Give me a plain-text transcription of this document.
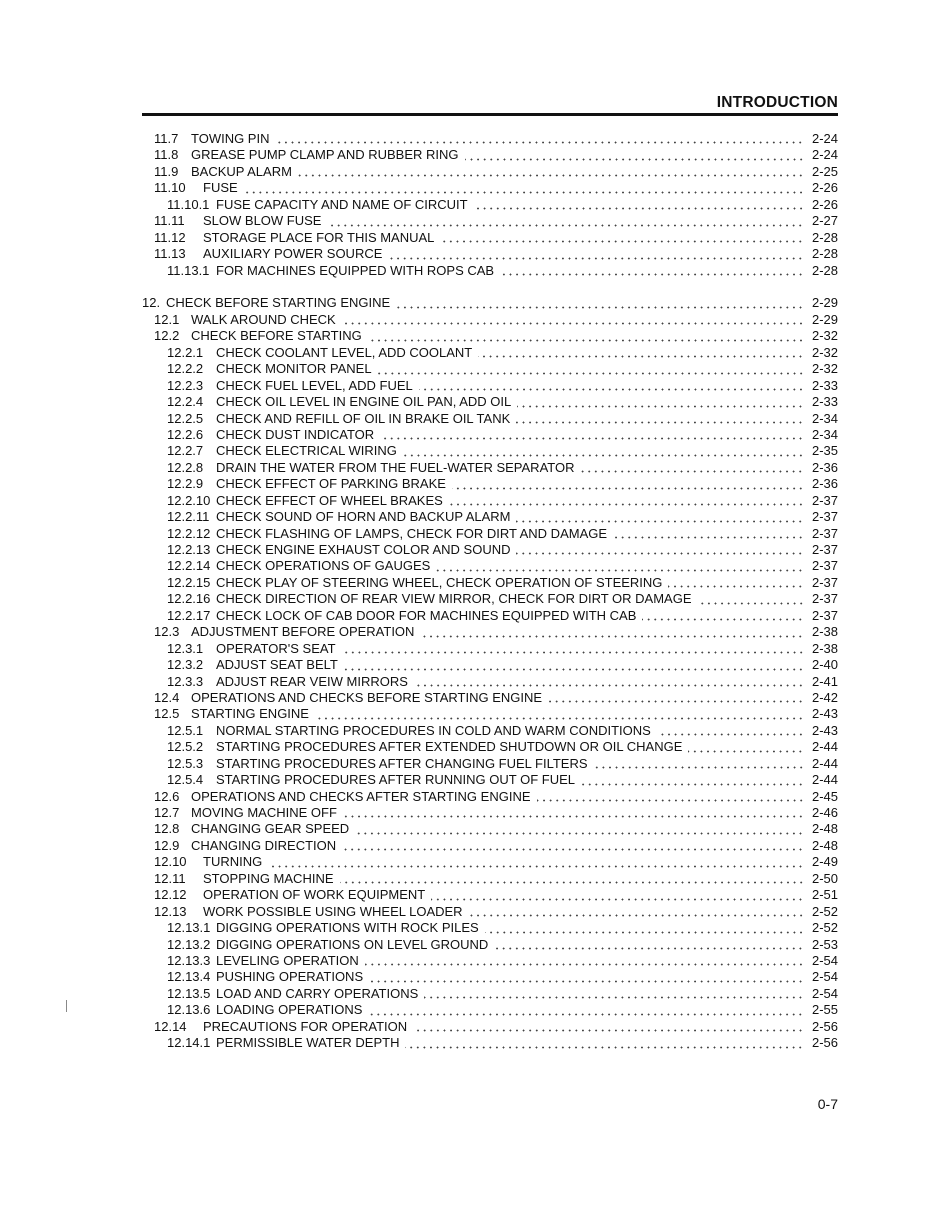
INTRODUCTION
11.7 TOWING PIN	2-24
11.8 GREASE PUMP CLAMP AND RUBBER RING	2-24
11.9 BACKUP ALARM	2-25
11.10	FUSE	2-26
11.10.1 FUSE CAPACITY AND NAME OF CIRCUIT	2-26
11.11	SLOW BLOW FUSE	2-27
11.12	STORAGE PLACE FOR THIS MANUAL	2-28
11.13	AUXILIARY POWER SOURCE	2-28
11.13.1 FOR MACHINES EQUIPPED WITH ROPS CAB	2-28
12. CHECK BEFORE STARTING ENGINE	2-29
12.1 WALK AROUND CHECK	2-29
12.2 CHECK BEFORE STARTING	2-32
12.2.1 CHECK COOLANT LEVEL, ADD COOLANT	2-32
12.2.2 CHECK MONITOR PANEL	2-32
12.2.3 CHECK FUEL LEVEL, ADD FUEL	2-33
12.2.4 CHECK OIL LEVEL IN ENGINE OIL PAN, ADD OIL	2-33
12.2.5 CHECK AND REFILL OF OIL IN BRAKE OIL TANK	2-34
12.2.6 CHECK DUST INDICATOR	2-34
12.2.7 CHECK ELECTRICAL WIRING	2-35
12.2.8 DRAIN THE WATER FROM THE FUEL-WATER SEPARATOR	2-36
12.2.9 CHECK EFFECT OF PARKING BRAKE	2-36
12.2.10 CHECK EFFECT OF WHEEL BRAKES	2-37
12.2.11 CHECK SOUND OF HORN AND BACKUP ALARM	2-37
12.2.12 CHECK FLASHING OF LAMPS, CHECK FOR DIRT AND DAMAGE	2-37
12.2.13 CHECK ENGINE EXHAUST COLOR AND SOUND	2-37
12.2.14 CHECK OPERATIONS OF GAUGES	2-37
12.2.15 CHECK PLAY OF STEERING WHEEL, CHECK OPERATION OF STEERING	2-37
12.2.16 CHECK DIRECTION OF REAR VIEW MIRROR, CHECK FOR DIRT OR DAMAGE	2-37
12.2.17 CHECK LOCK OF CAB DOOR FOR MACHINES EQUIPPED WITH CAB	2-37
12.3 ADJUSTMENT BEFORE OPERATION	2-38
12.3.1 OPERATOR'S SEAT	2-38
12.3.2 ADJUST SEAT BELT	2-40
12.3.3 ADJUST REAR VEIW MIRRORS	2-41
12.4 OPERATIONS AND CHECKS BEFORE STARTING ENGINE	2-42
12.5 STARTING ENGINE	2-43
12.5.1 NORMAL STARTING PROCEDURES IN COLD AND WARM CONDITIONS	2-43
12.5.2 STARTING PROCEDURES AFTER EXTENDED SHUTDOWN OR OIL CHANGE	2-44
12.5.3 STARTING PROCEDURES AFTER CHANGING FUEL FILTERS	2-44
12.5.4 STARTING PROCEDURES AFTER RUNNING OUT OF FUEL	2-44
12.6 OPERATIONS AND CHECKS AFTER STARTING ENGINE	2-45
12.7 MOVING MACHINE OFF	2-46
12.8 CHANGING GEAR SPEED	2-48
12.9 CHANGING DIRECTION	2-48
12.10	TURNING	2-49
12.11	STOPPING MACHINE	2-50
12.12	OPERATION OF WORK EQUIPMENT	2-51
12.13	WORK POSSIBLE USING WHEEL LOADER	2-52
12.13.1 DIGGING OPERATIONS WITH ROCK PILES	2-52
12.13.2 DIGGING OPERATIONS ON LEVEL GROUND	2-53
12.13.3 LEVELING OPERATION	2-54
12.13.4 PUSHING OPERATIONS	2-54
12.13.5 LOAD AND CARRY OPERATIONS	2-54
12.13.6 LOADING OPERATIONS	2-55
12.14	PRECAUTIONS FOR OPERATION	2-56
12.14.1 PERMISSIBLE WATER DEPTH	2-56
0-7
